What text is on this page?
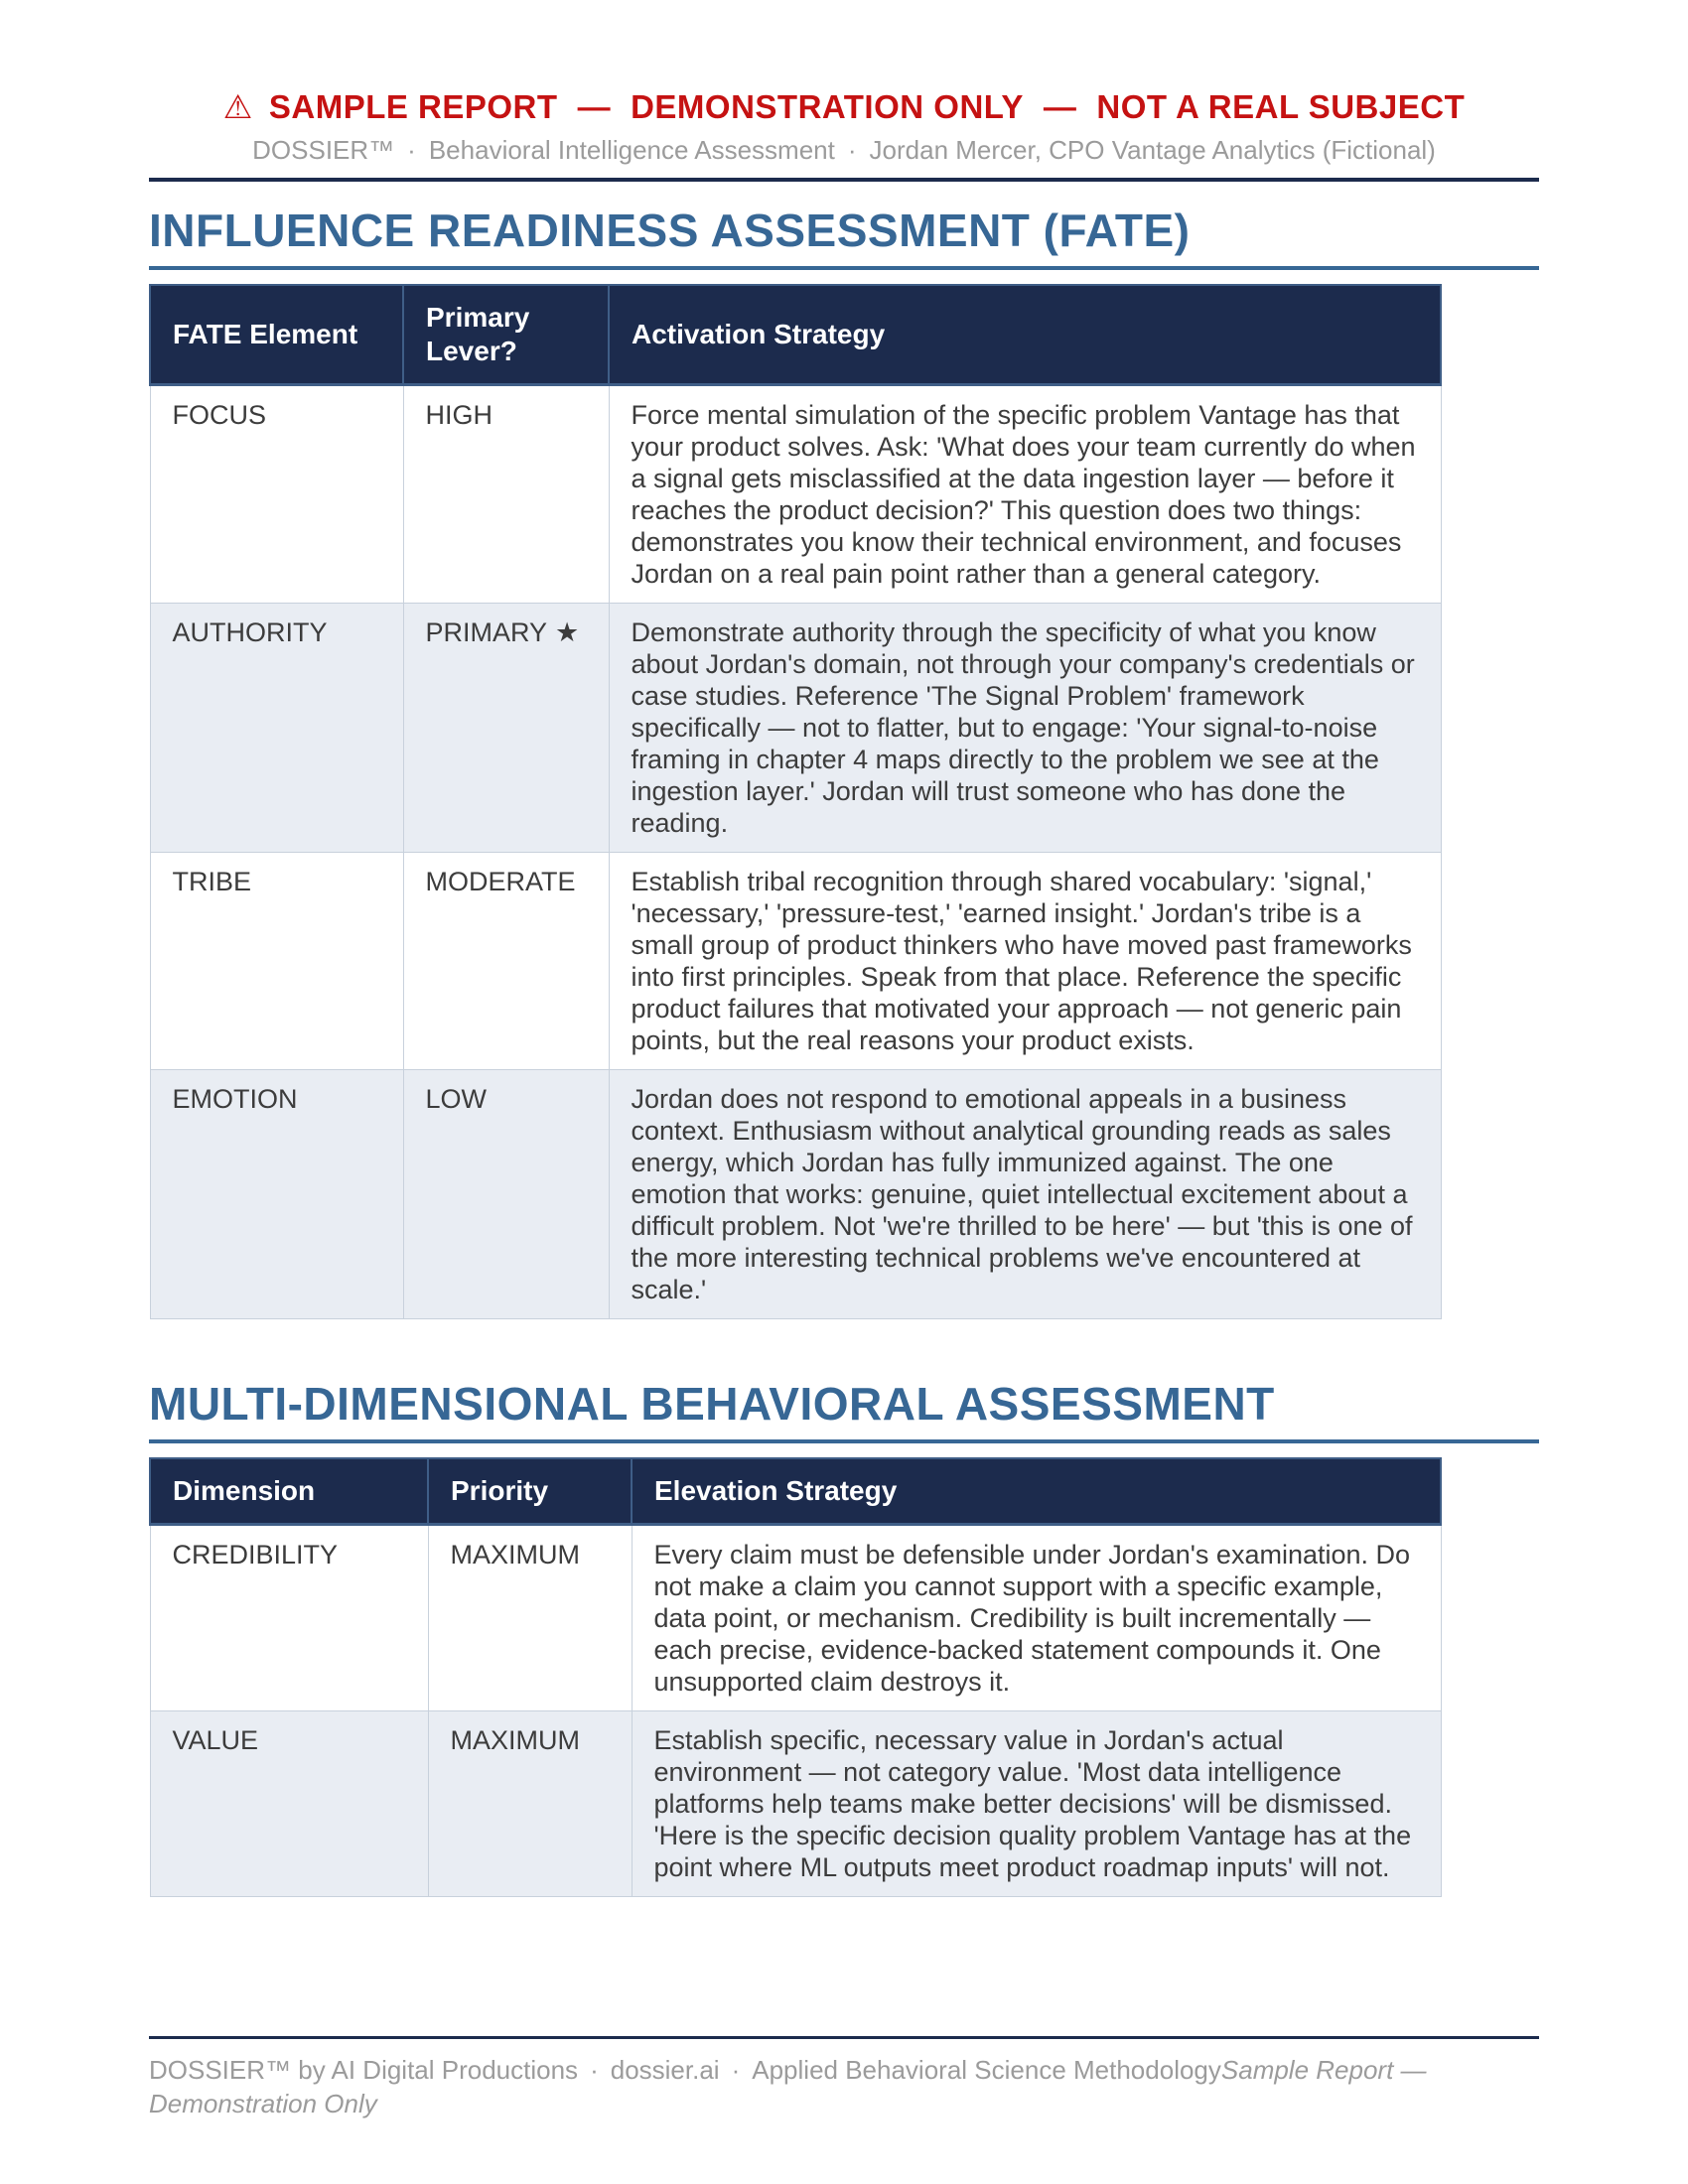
⚠ SAMPLE REPORT — DEMONSTRATION ONLY — NOT A REAL SUBJECT
DOSSIER™ · Behavioral Intelligence Assessment · Jordan Mercer, CPO Vantage Analytics (Fictional)
INFLUENCE READINESS ASSESSMENT (FATE)
FATE Element	Primary Lever?	Activation Strategy
FOCUS	HIGH	Force mental simulation of the specific problem Vantage has that your product solves. Ask: 'What does your team currently do when a signal gets misclassified at the data ingestion layer — before it reaches the product decision?' This question does two things: demonstrates you know their technical environment, and focuses Jordan on a real pain point rather than a general category.
AUTHORITY	PRIMARY ★	Demonstrate authority through the specificity of what you know about Jordan's domain, not through your company's credentials or case studies. Reference 'The Signal Problem' framework specifically — not to flatter, but to engage: 'Your signal-to-noise framing in chapter 4 maps directly to the problem we see at the ingestion layer.' Jordan will trust someone who has done the reading.
TRIBE	MODERATE	Establish tribal recognition through shared vocabulary: 'signal,' 'necessary,' 'pressure-test,' 'earned insight.' Jordan's tribe is a small group of product thinkers who have moved past frameworks into first principles. Speak from that place. Reference the specific product failures that motivated your approach — not generic pain points, but the real reasons your product exists.
EMOTION	LOW	Jordan does not respond to emotional appeals in a business context. Enthusiasm without analytical grounding reads as sales energy, which Jordan has fully immunized against. The one emotion that works: genuine, quiet intellectual excitement about a difficult problem. Not 'we're thrilled to be here' — but 'this is one of the more interesting technical problems we've encountered at scale.'
MULTI-DIMENSIONAL BEHAVIORAL ASSESSMENT
Dimension	Priority	Elevation Strategy
CREDIBILITY	MAXIMUM	Every claim must be defensible under Jordan's examination. Do not make a claim you cannot support with a specific example, data point, or mechanism. Credibility is built incrementally — each precise, evidence-backed statement compounds it. One unsupported claim destroys it.
VALUE	MAXIMUM	Establish specific, necessary value in Jordan's actual environment — not category value. 'Most data intelligence platforms help teams make better decisions' will be dismissed. 'Here is the specific decision quality problem Vantage has at the point where ML outputs meet product roadmap inputs' will not.
DOSSIER™ by AI Digital Productions · dossier.ai · Applied Behavioral Science MethodologySample Report — Demonstration Only
